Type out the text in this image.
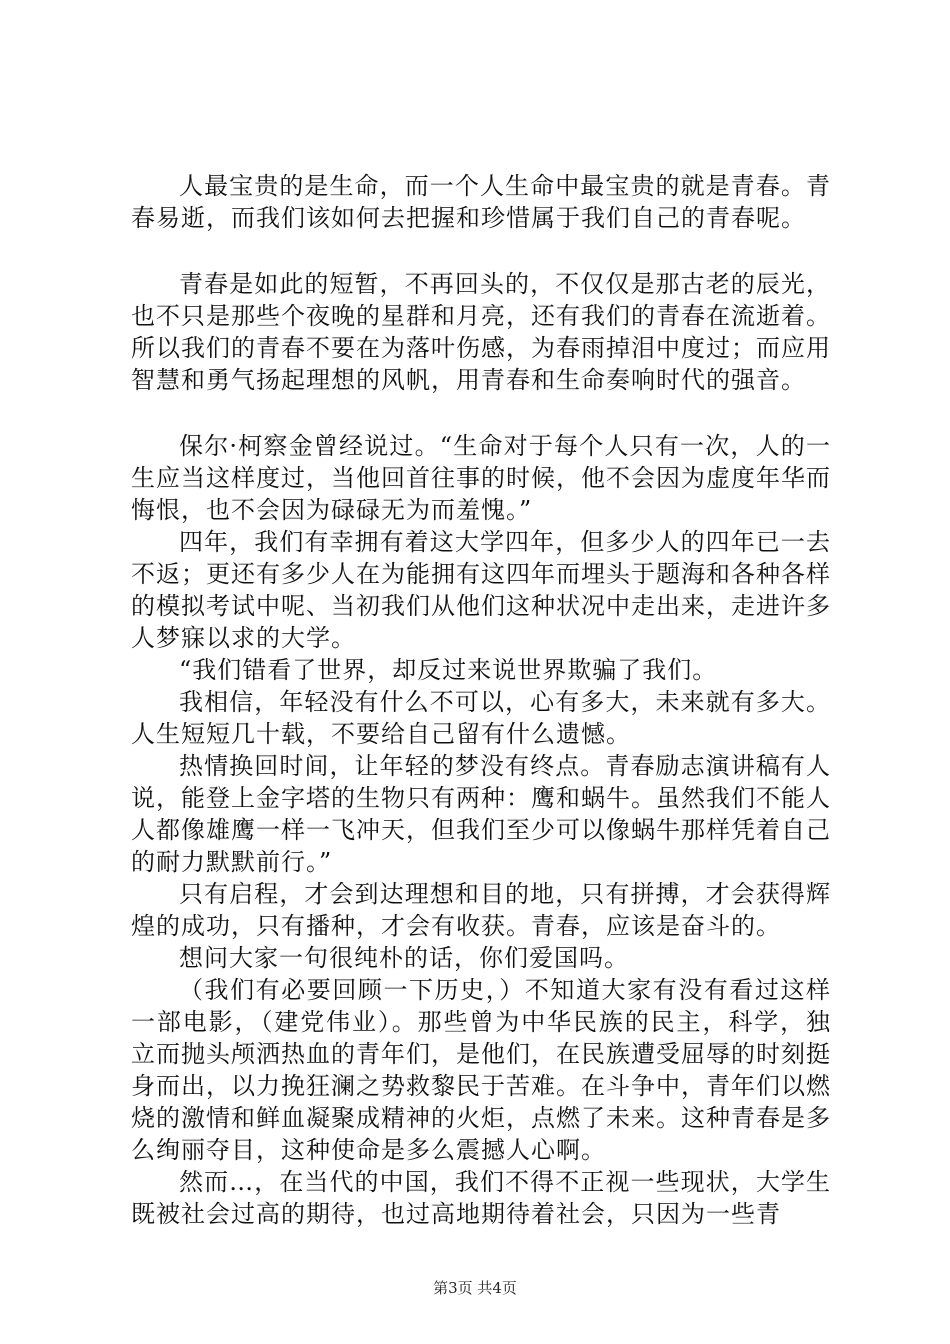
人最宝贵的是生命，而一个人生命中最宝贵的就是青春。青春易逝，而我们该如何去把握和珍惜属于我们自己的青春呢。

青春是如此的短暂，不再回头的，不仅仅是那古老的辰光，也不只是那些个夜晚的星群和月亮，还有我们的青春在流逝着。所以我们的青春不要在为落叶伤感，为春雨掉泪中度过；而应用智慧和勇气扬起理想的风帆，用青春和生命奏响时代的强音。

保尔·柯察金曾经说过。“生命对于每个人只有一次，人的一生应当这样度过，当他回首往事的时候，他不会因为虚度年华而悔恨，也不会因为碌碌无为而羞愧。”

四年，我们有幸拥有着这大学四年，但多少人的四年已一去不返；更还有多少人在为能拥有这四年而埋头于题海和各种各样的模拟考试中呢、当初我们从他们这种状况中走出来，走进许多人梦寐以求的大学。

“我们错看了世界，却反过来说世界欺骗了我们。

我相信，年轻没有什么不可以，心有多大，未来就有多大。人生短短几十载，不要给自己留有什么遗憾。

热情换回时间，让年轻的梦没有终点。青春励志演讲稿有人说，能登上金字塔的生物只有两种：鹰和蜗牛。虽然我们不能人人都像雄鹰一样一飞冲天，但我们至少可以像蜗牛那样凭着自己的耐力默默前行。”

只有启程，才会到达理想和目的地，只有拼搏，才会获得辉煌的成功，只有播种，才会有收获。青春，应该是奋斗的。

想问大家一句很纯朴的话，你们爱国吗。

（我们有必要回顾一下历史，）不知道大家有没有看过这样一部电影，（建党伟业）。那些曾为中华民族的民主，科学，独立而抛头颅洒热血的青年们，是他们，在民族遭受屈辱的时刻挺身而出，以力挽狂澜之势救黎民于苦难。在斗争中，青年们以燃烧的激情和鲜血凝聚成精神的火炬，点燃了未来。这种青春是多么绚丽夺目，这种使命是多么震撼人心啊。

然而…，在当代的中国，我们不得不正视一些现状，大学生既被社会过高的期待，也过高地期待着社会，只因为一些青

第3页 共4页
